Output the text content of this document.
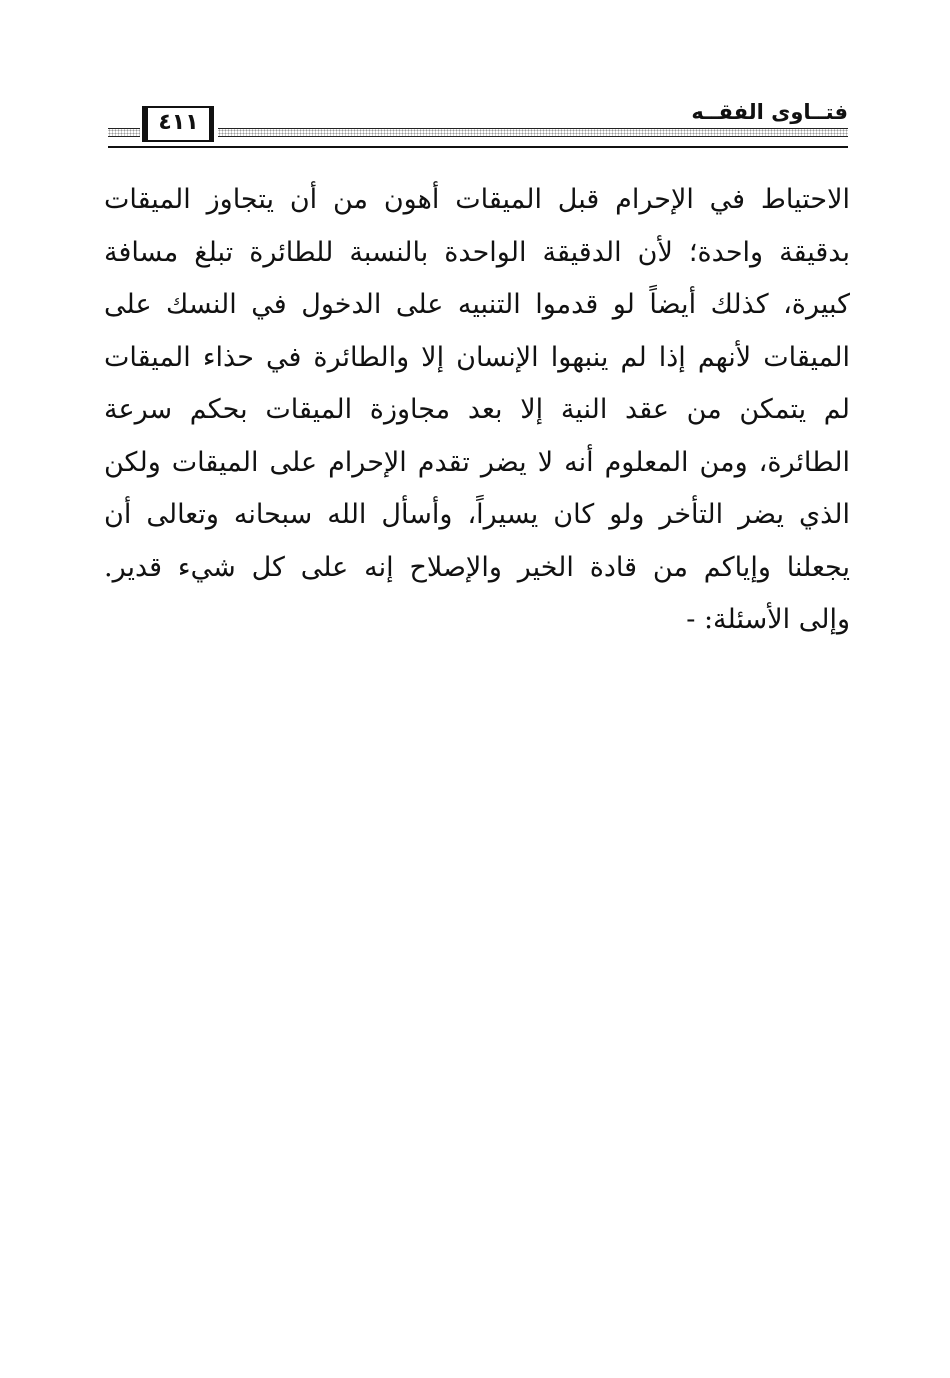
فتــاوى الفقــه
٤١١
الاحتياط في الإحرام قبل الميقات أهون من أن يتجاوز الميقات
بدقيقة واحدة؛ لأن الدقيقة الواحدة بالنسبة للطائرة تبلغ مسافة
كبيرة، كذلك أيضاً لو قدموا التنبيه على الدخول في النسك على
الميقات لأنهم إذا لم ينبهوا الإنسان إلا والطائرة في حذاء الميقات
لم يتمكن من عقد النية إلا بعد مجاوزة الميقات بحكم سرعة
الطائرة، ومن المعلوم أنه لا يضر تقدم الإحرام على الميقات ولكن
الذي يضر التأخر ولو كان يسيراً، وأسأل الله سبحانه وتعالى أن
يجعلنا وإياكم من قادة الخير والإصلاح إنه على كل شيء قدير.
وإلى الأسئلة: -
